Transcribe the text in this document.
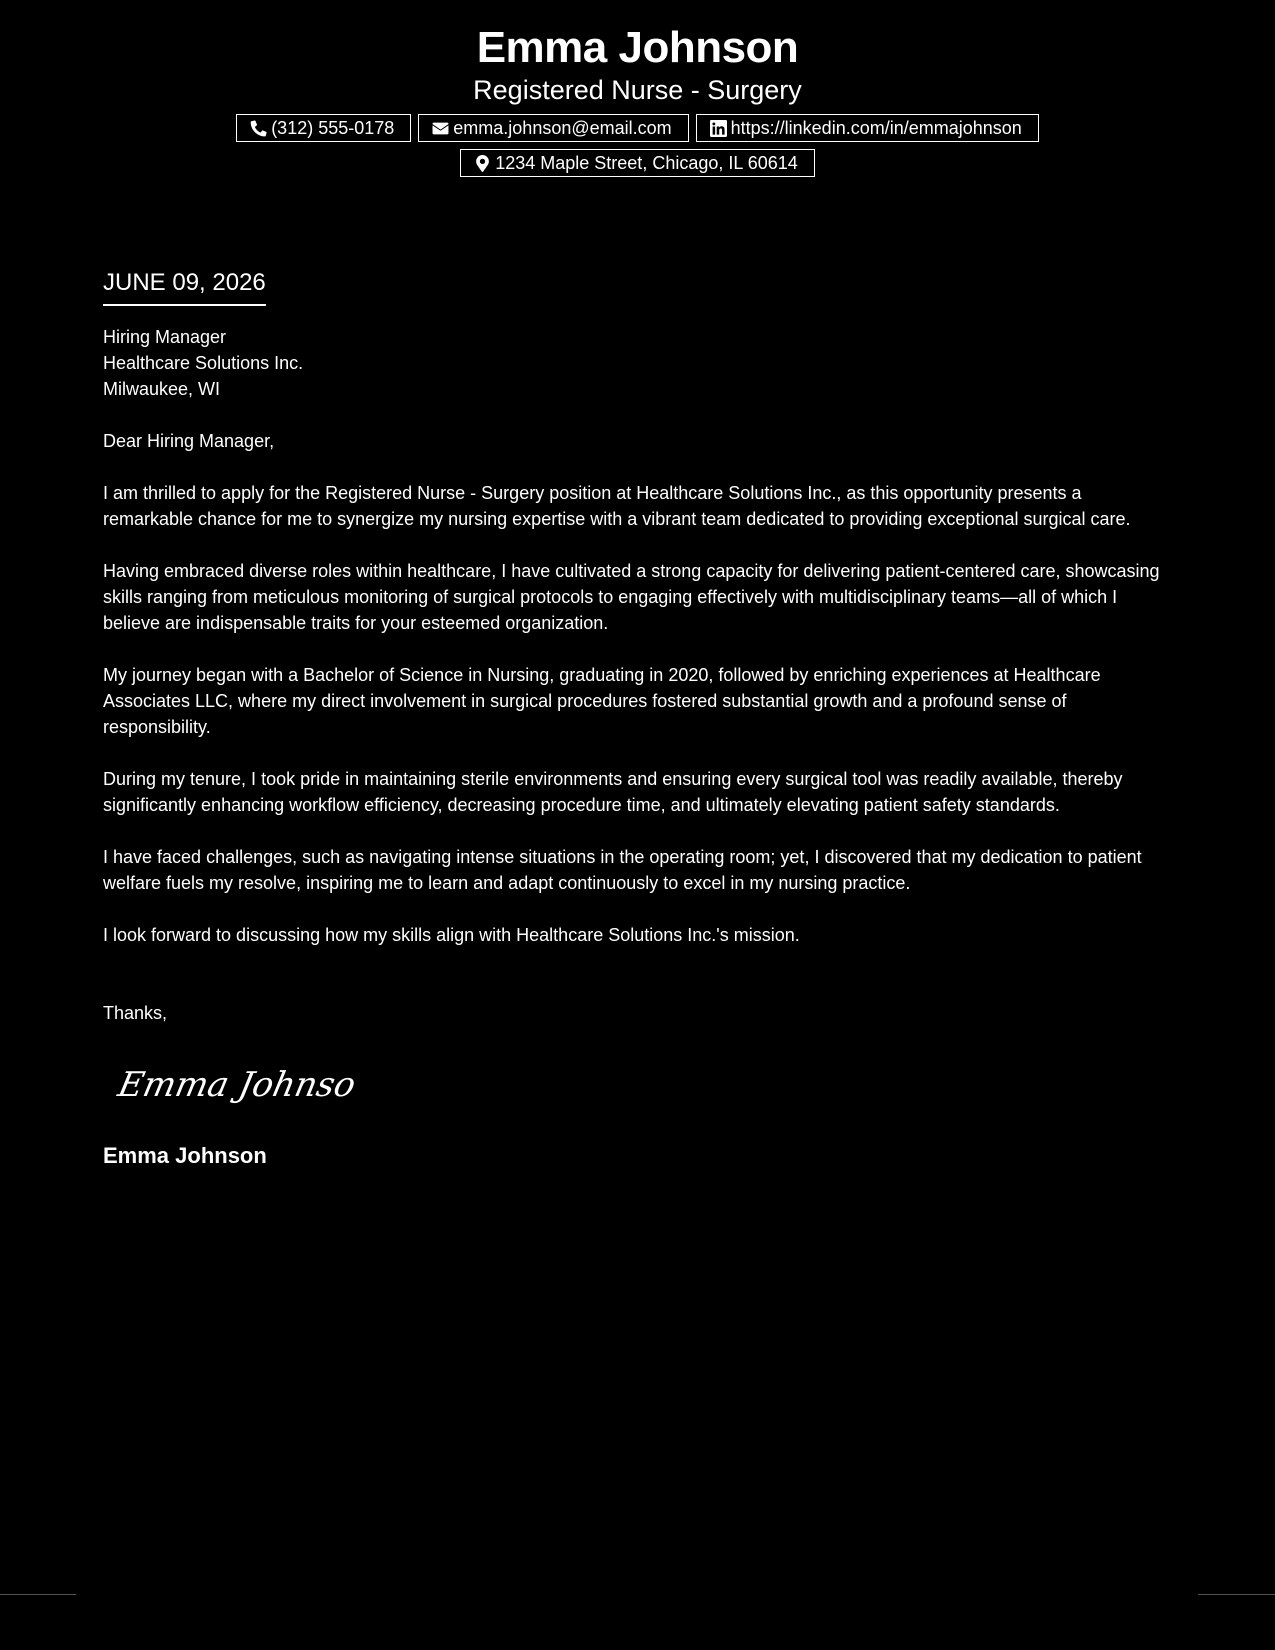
Emma Johnson
Registered Nurse - Surgery
(312) 555-0178	emma.johnson@email.com	https://linkedin.com/in/emmajohnson
1234 Maple Street, Chicago, IL 60614
JUNE 09, 2026
Hiring Manager
Healthcare Solutions Inc.
Milwaukee, WI
Dear Hiring Manager,
I am thrilled to apply for the Registered Nurse - Surgery position at Healthcare Solutions Inc., as this opportunity presents a remarkable chance for me to synergize my nursing expertise with a vibrant team dedicated to providing exceptional surgical care.
Having embraced diverse roles within healthcare, I have cultivated a strong capacity for delivering patient-centered care, showcasing skills ranging from meticulous monitoring of surgical protocols to engaging effectively with multidisciplinary teams—all of which I believe are indispensable traits for your esteemed organization.
My journey began with a Bachelor of Science in Nursing, graduating in 2020, followed by enriching experiences at Healthcare Associates LLC, where my direct involvement in surgical procedures fostered substantial growth and a profound sense of responsibility.
During my tenure, I took pride in maintaining sterile environments and ensuring every surgical tool was readily available, thereby significantly enhancing workflow efficiency, decreasing procedure time, and ultimately elevating patient safety standards.
I have faced challenges, such as navigating intense situations in the operating room; yet, I discovered that my dedication to patient welfare fuels my resolve, inspiring me to learn and adapt continuously to excel in my nursing practice.
I look forward to discussing how my skills align with Healthcare Solutions Inc.'s mission.
Thanks,
Emma Johnson
Emma Johnson
